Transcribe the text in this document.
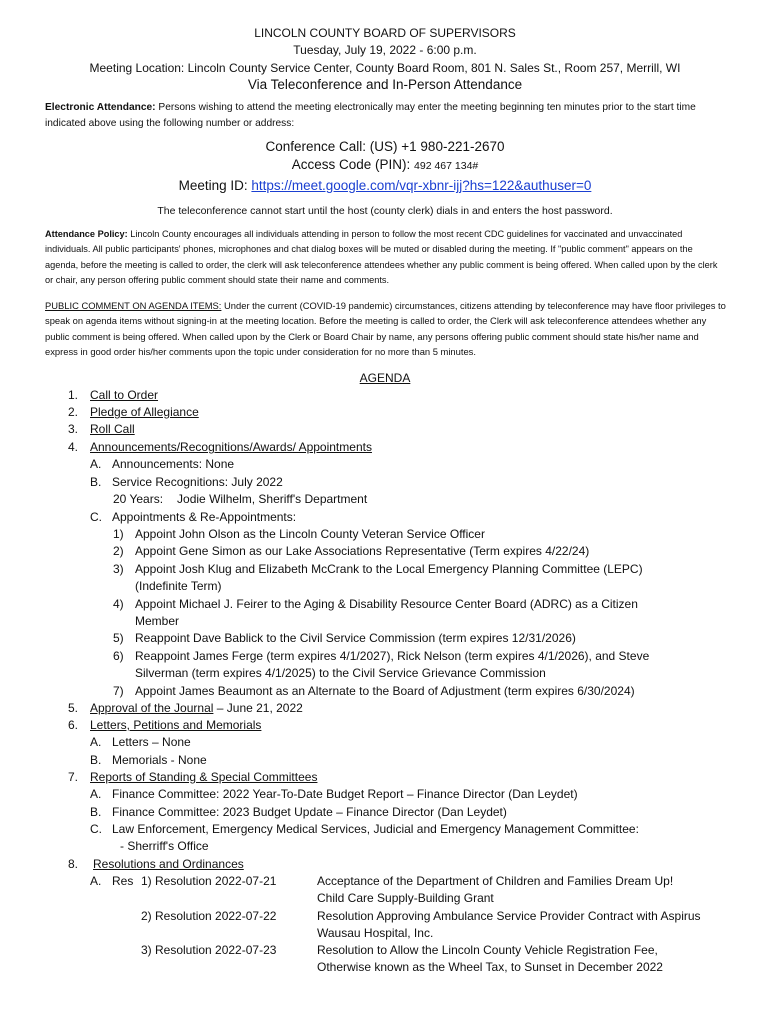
LINCOLN COUNTY BOARD OF SUPERVISORS

Tuesday, July 19, 2022 - 6:00 p.m.

Meeting Location: Lincoln County Service Center, County Board Room, 801 N. Sales St., Room 257, Merrill, WI

Via Teleconference and In-Person Attendance

Electronic Attendance: Persons wishing to attend the meeting electronically may enter the meeting beginning ten minutes prior to the start time indicated above using the following number or address:
Conference Call: (US) +1 980-221-2670
Access Code (PIN): 492 467 134#
Meeting ID: https://meet.google.com/vqr-xbnr-ijj?hs=122&authuser=0
The teleconference cannot start until the host (county clerk) dials in and enters the host password.
Attendance Policy: Lincoln County encourages all individuals attending in person to follow the most recent CDC guidelines for vaccinated and unvaccinated individuals. All public participants' phones, microphones and chat dialog boxes will be muted or disabled during the meeting. If "public comment" appears on the agenda, before the meeting is called to order, the clerk will ask teleconference attendees whether any public comment is being offered. When called upon by the clerk or chair, any person offering public comment should state their name and comments.
PUBLIC COMMENT ON AGENDA ITEMS: Under the current (COVID-19 pandemic) circumstances, citizens attending by teleconference may have floor privileges to speak on agenda items without signing-in at the meeting location. Before the meeting is called to order, the Clerk will ask teleconference attendees whether any public comment is being offered. When called upon by the Clerk or Board Chair by name, any persons offering public comment should state his/her name and express in good order his/her comments upon the topic under consideration for no more than 5 minutes.
AGENDA
1. Call to Order
2. Pledge of Allegiance
3. Roll Call
4. Announcements/Recognitions/Awards/ Appointments
A. Announcements: None
B. Service Recognitions: July 2022
20 Years: Jodie Wilhelm, Sheriff's Department
C. Appointments & Re-Appointments:
1) Appoint John Olson as the Lincoln County Veteran Service Officer
2) Appoint Gene Simon as our Lake Associations Representative (Term expires 4/22/24)
3) Appoint Josh Klug and Elizabeth McCrank to the Local Emergency Planning Committee (LEPC)
(Indefinite Term)
4) Appoint Michael J. Feirer to the Aging & Disability Resource Center Board (ADRC) as a Citizen
Member
5) Reappoint Dave Bablick to the Civil Service Commission (term expires 12/31/2026)
6) Reappoint James Ferge (term expires 4/1/2027), Rick Nelson (term expires 4/1/2026), and Steve
Silverman (term expires 4/1/2025) to the Civil Service Grievance Commission
7) Appoint James Beaumont as an Alternate to the Board of Adjustment (term expires 6/30/2024)
5. Approval of the Journal – June 21, 2022
6. Letters, Petitions and Memorials
A. Letters – None
B. Memorials - None
7. Reports of Standing & Special Committees
A. Finance Committee: 2022 Year-To-Date Budget Report – Finance Director (Dan Leydet)
B. Finance Committee: 2023 Budget Update – Finance Director (Dan Leydet)
C. Law Enforcement, Emergency Medical Services, Judicial and Emergency Management Committee:
- Sherriff's Office
8. Resolutions and Ordinances
A. Res 1) Resolution 2022-07-21	Acceptance of the Department of Children and Families Dream Up!
Child Care Supply-Building Grant
2) Resolution 2022-07-22	Resolution Approving Ambulance Service Provider Contract with Aspirus
Wausau Hospital, Inc.
3) Resolution 2022-07-23	Resolution to Allow the Lincoln County Vehicle Registration Fee,
Otherwise known as the Wheel Tax, to Sunset in December 2022
